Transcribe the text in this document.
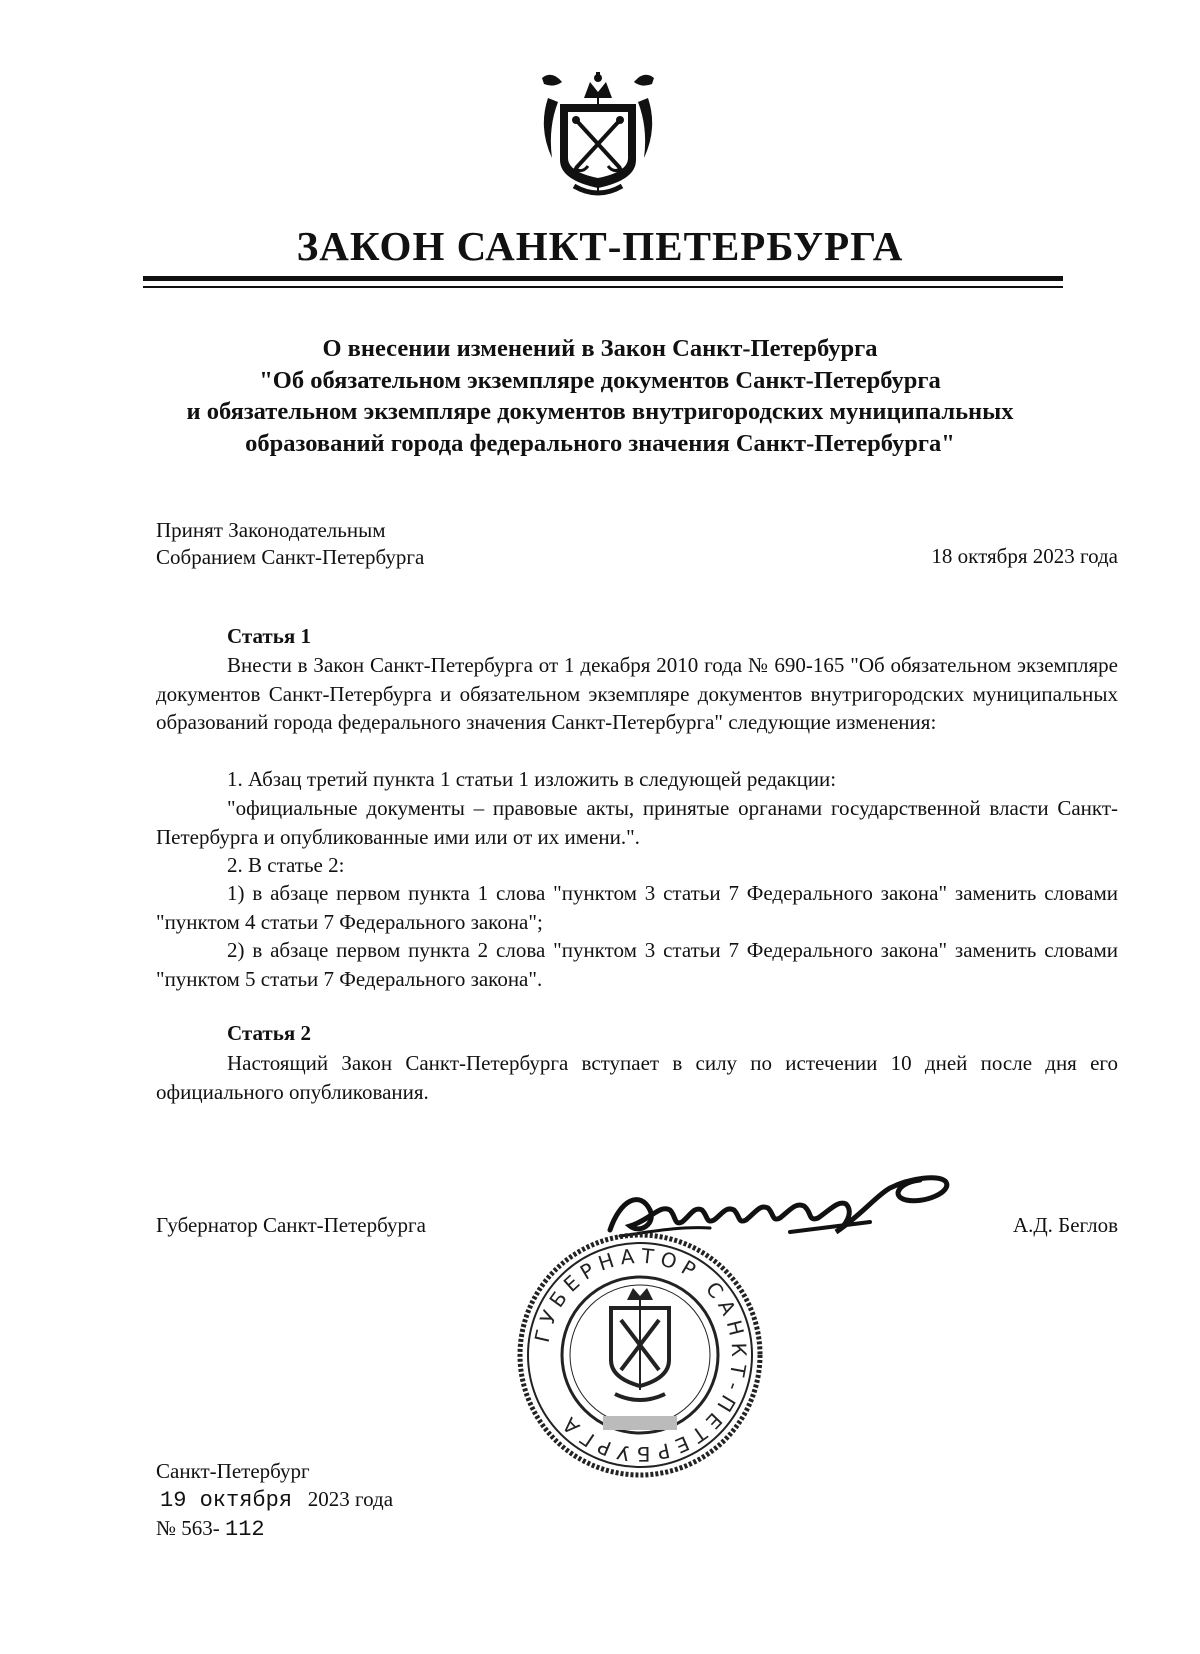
ЗАКОН САНКТ-ПЕТЕРБУРГА
О внесении изменений в Закон Санкт-Петербурга
"Об обязательном экземпляре документов Санкт-Петербурга
и обязательном экземпляре документов внутригородских муниципальных
образований города федерального значения Санкт-Петербурга"
Принят Законодательным
Собранием Санкт-Петербурга	18 октября 2023 года
Статья 1
Внести в Закон Санкт-Петербурга от 1 декабря 2010 года № 690-165 "Об обязательном экземпляре документов Санкт-Петербурга и обязательном экземпляре документов внутригородских муниципальных образований города федерального значения Санкт-Петербурга" следующие изменения:
1. Абзац третий пункта 1 статьи 1 изложить в следующей редакции:
"официальные документы – правовые акты, принятые органами государственной власти Санкт-Петербурга и опубликованные ими или от их имени.".
2. В статье 2:
1) в абзаце первом пункта 1 слова "пунктом 3 статьи 7 Федерального закона" заменить словами "пунктом 4 статьи 7 Федерального закона";
2) в абзаце первом пункта 2 слова "пунктом 3 статьи 7 Федерального закона" заменить словами "пунктом 5 статьи 7 Федерального закона".
Статья 2
Настоящий Закон Санкт-Петербурга вступает в силу по истечении 10 дней после дня его официального опубликования.
Губернатор Санкт-Петербурга	А.Д. Беглов
ГУБЕРНАТОР САНКТ-ПЕТЕРБУРГА
Санкт-Петербург
19 октября 2023 года
№ 563- 112
